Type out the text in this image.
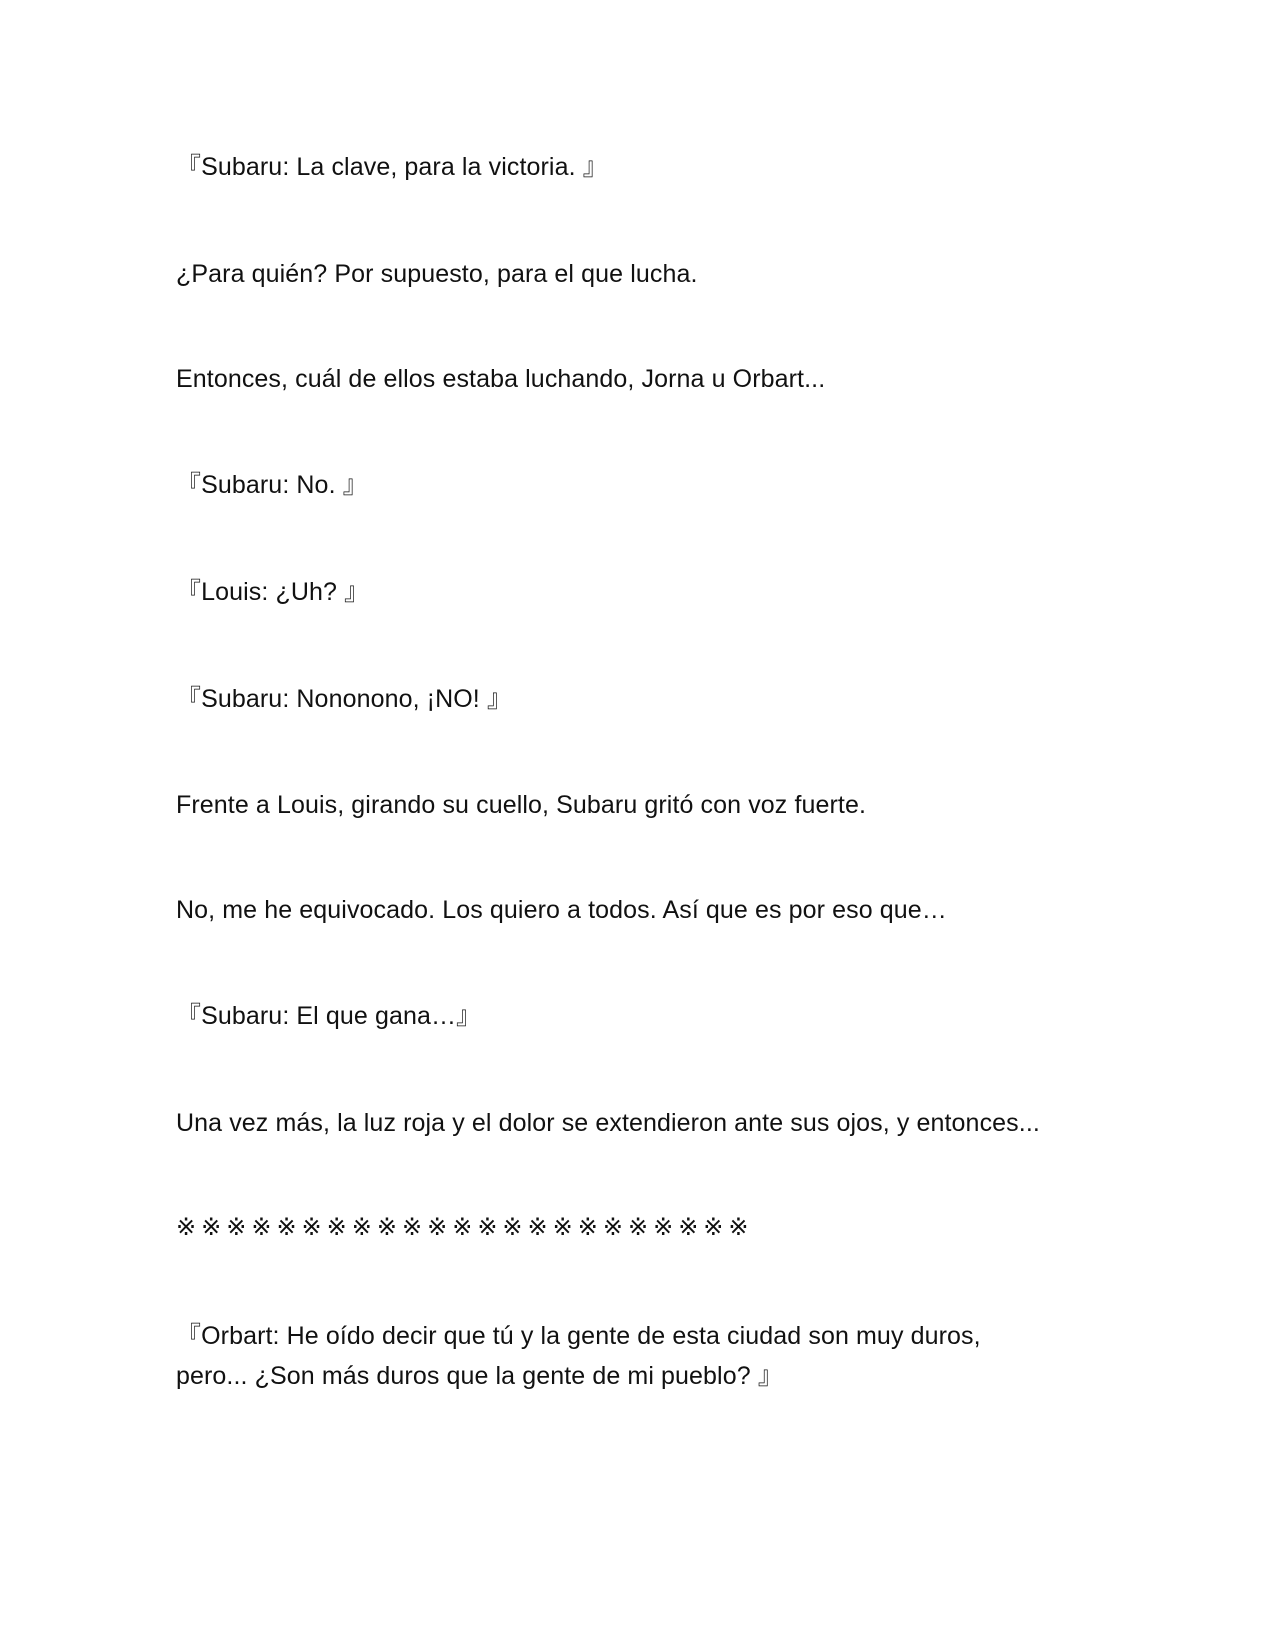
『Subaru: La clave, para la victoria. 』

¿Para quién? Por supuesto, para el que lucha.

Entonces, cuál de ellos estaba luchando, Jorna u Orbart...

『Subaru: No. 』

『Louis: ¿Uh? 』

『Subaru: Nononono, ¡NO! 』

Frente a Louis, girando su cuello, Subaru gritó con voz fuerte.

No, me he equivocado. Los quiero a todos. Así que es por eso que…

『Subaru: El que gana…』

Una vez más, la luz roja y el dolor se extendieron ante sus ojos, y entonces...

※※※※※※※※※※※※※※※※※※※※※※※

『Orbart: He oído decir que tú y la gente de esta ciudad son muy duros, pero... ¿Son más duros que la gente de mi pueblo? 』
